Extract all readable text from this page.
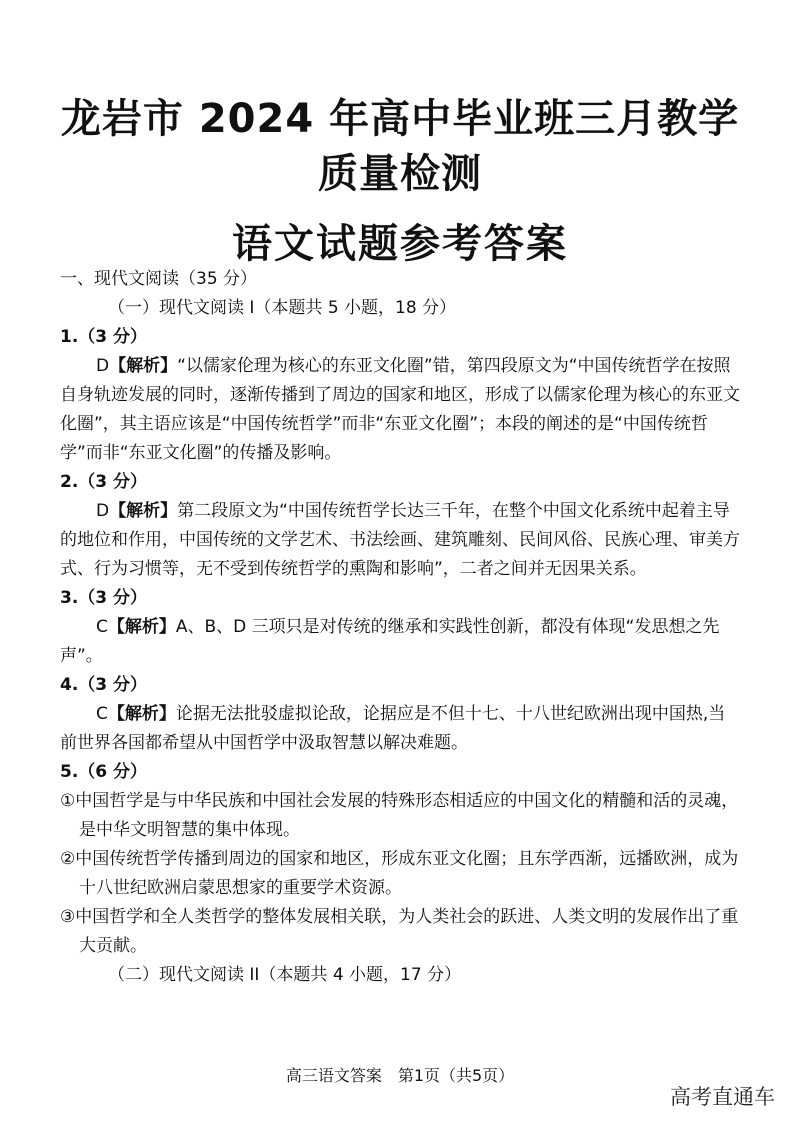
龙岩市 2024 年高中毕业班三月教学质量检测
语文试题参考答案
一、现代文阅读（35 分）
（一）现代文阅读 I（本题共 5 小题，18 分）
1.（3 分）
D【解析】“以儒家伦理为核心的东亚文化圈”错，第四段原文为“中国传统哲学在按照自身轨迹发展的同时，逐渐传播到了周边的国家和地区，形成了以儒家伦理为核心的东亚文化圈”，其主语应该是“中国传统哲学”而非“东亚文化圈”；本段的阐述的是“中国传统哲学”而非“东亚文化圈”的传播及影响。
2.（3 分）
D【解析】第二段原文为“中国传统哲学长达三千年，在整个中国文化系统中起着主导的地位和作用，中国传统的文学艺术、书法绘画、建筑雕刻、民间风俗、民族心理、审美方式、行为习惯等，无不受到传统哲学的熏陶和影响”，二者之间并无因果关系。
3.（3 分）
C【解析】A、B、D 三项只是对传统的继承和实践性创新，都没有体现“发思想之先声”。
4.（3 分）
C【解析】论据无法批驳虚拟论敌，论据应是不但十七、十八世纪欧洲出现中国热,当前世界各国都希望从中国哲学中汲取智慧以解决难题。
5.（6 分）
①中国哲学是与中华民族和中国社会发展的特殊形态相适应的中国文化的精髓和活的灵魂，是中华文明智慧的集中体现。
②中国传统哲学传播到周边的国家和地区，形成东亚文化圈；且东学西渐，远播欧洲，成为十八世纪欧洲启蒙思想家的重要学术资源。
③中国哲学和全人类哲学的整体发展相关联，为人类社会的跃进、人类文明的发展作出了重大贡献。
（二）现代文阅读 II（本题共 4 小题，17 分）
高三语文答案　第1页（共5页）
高考直通车
